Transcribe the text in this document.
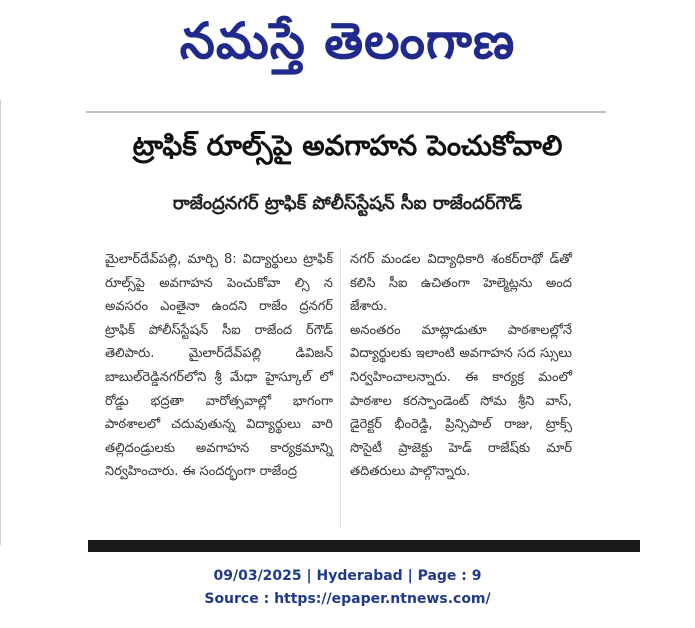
నమస్తే తెలంగాణ
ట్రాఫిక్ రూల్స్‌పై అవగాహన పెంచుకోవాలి
రాజేంద్రనగర్ ట్రాఫిక్ పోలీస్‌స్టేషన్ సీఐ రాజేందర్‌గౌడ్
మైలార్‌దేవ్‌పల్లి, మార్చి 8: విద్యార్థులు ట్రాఫిక్ రూల్స్‌పై అవగాహన పెంచుకోవా ల్సి న అవసరం ఎంతైనా ఉందని రాజేం ద్రనగర్ ట్రాఫిక్ పోలీస్‌స్టేషన్ సీఐ రాజేంద ర్‌గౌడ్ తెలిపారు. మైలార్‌దేవ్‌పల్లి డివిజన్ బాబుల్‌రెడ్డినగర్‌లోని శ్రీ మేధా హైస్కూల్ లో రోడ్డు భద్రతా వారోత్సవాల్లో భాగంగా పాఠశాలలో చదువుతున్న విద్యార్థులు వారి తల్లిదండ్రులకు అవగాహన కార్యక్రమాన్ని నిర్వహించారు. ఈ సందర్భంగా రాజేంద్ర
నగర్ మండల విద్యాధికారి శంకర్‌రాథో డ్‌తో కలిసి సీఐ ఉచితంగా హెల్మెట్లను అంద జేశారు.
అనంతరం మాట్లాడుతూ పాఠశాలల్లోనే విద్యార్థులకు ఇలాంటి అవగాహన సద స్సులు నిర్వహించాలన్నారు. ఈ కార్యక్ర మంలో పాఠశాల కరస్పాండెంట్ సోమ శ్రీని వాస్, డైరెక్టర్ భీంరెడ్డి, ప్రిన్సిపాల్ రాజు, ట్రాక్స్ సొసైటీ ప్రాజెక్టు హెడ్ రాజేష్‌కు మార్ తదితరులు పాల్గొన్నారు.
09/03/2025 | Hyderabad | Page : 9
Source : https://epaper.ntnews.com/
